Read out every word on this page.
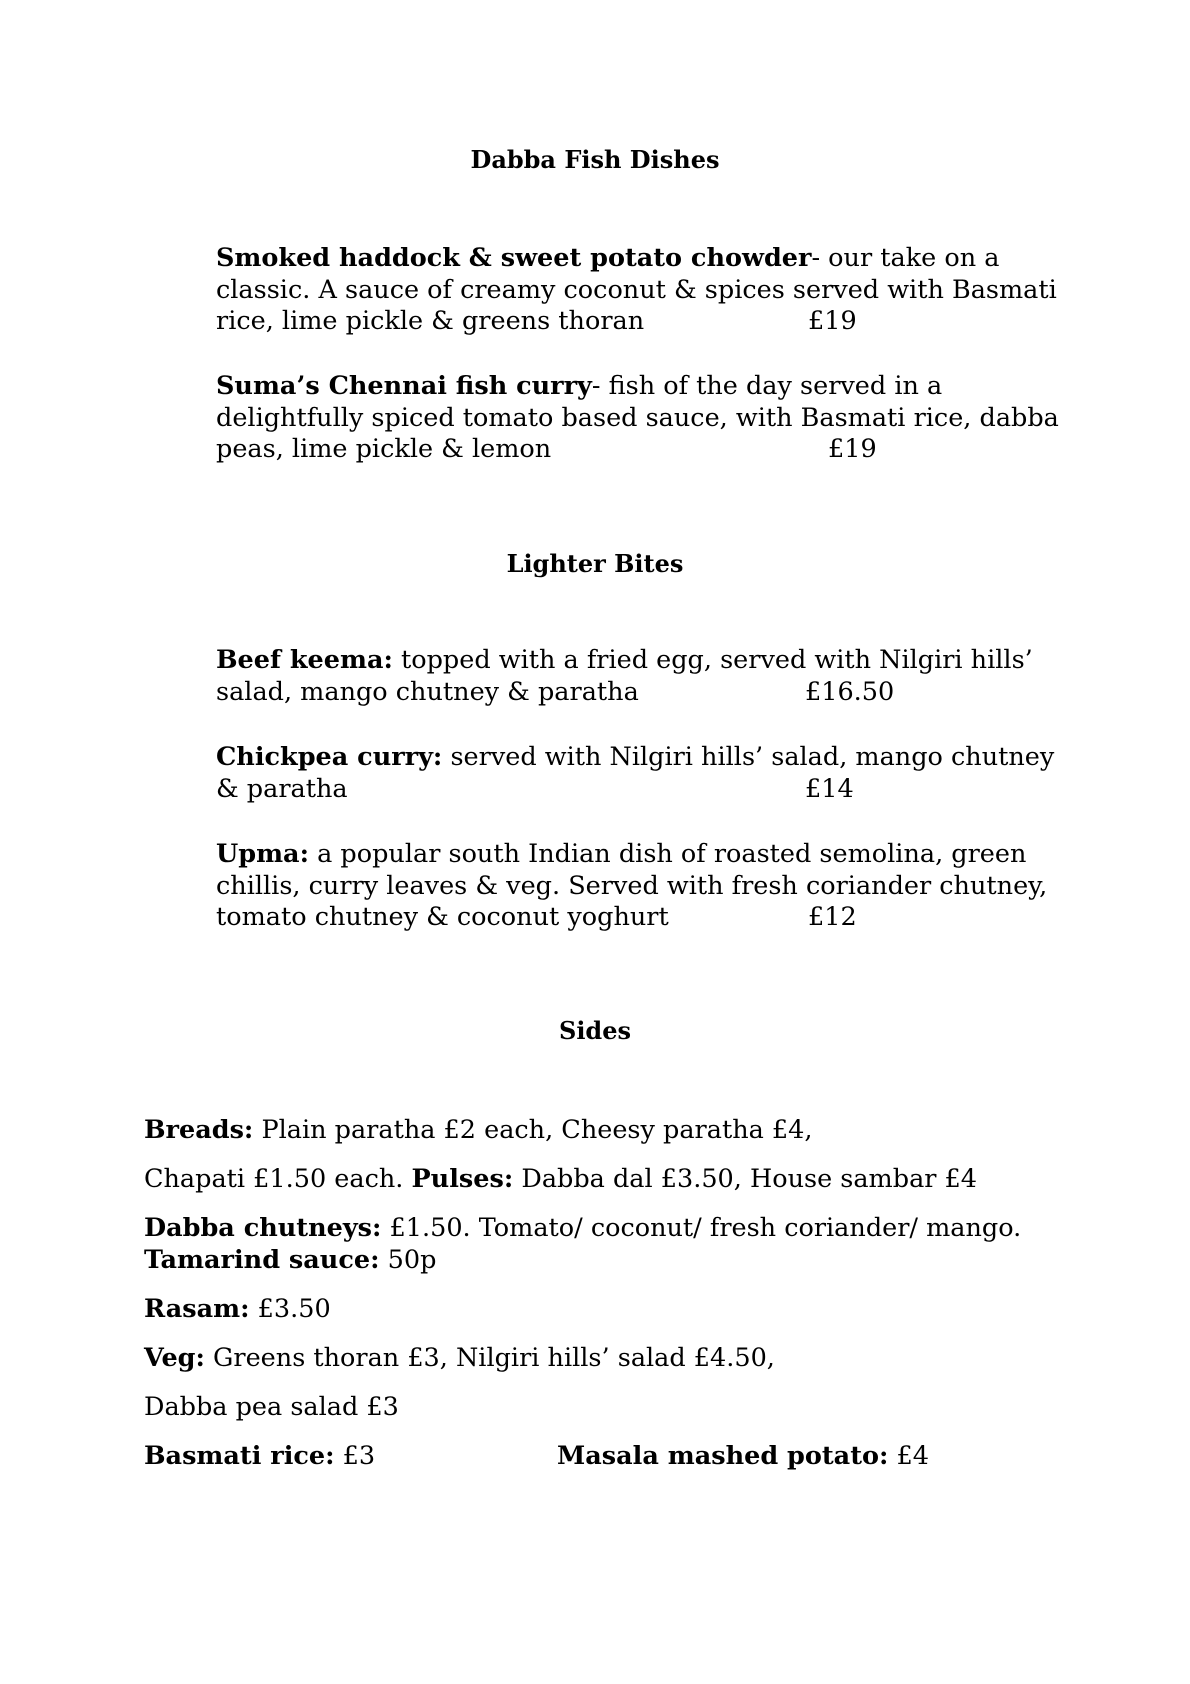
Dabba Fish Dishes
Smoked haddock & sweet potato chowder- our take on a
classic. A sauce of creamy coconut & spices served with Basmati
rice, lime pickle & greens thoran	£19
Suma’s Chennai fish curry- fish of the day served in a
delightfully spiced tomato based sauce, with Basmati rice, dabba
peas, lime pickle & lemon	£19
Lighter Bites
Beef keema: topped with a fried egg, served with Nilgiri hills’
salad, mango chutney & paratha	£16.50
Chickpea curry: served with Nilgiri hills’ salad, mango chutney
& paratha	£14
Upma: a popular south Indian dish of roasted semolina, green
chillis, curry leaves & veg. Served with fresh coriander chutney,
tomato chutney & coconut yoghurt	£12
Sides
Breads: Plain paratha £2 each, Cheesy paratha £4,
Chapati £1.50 each. Pulses: Dabba dal £3.50, House sambar £4
Dabba chutneys: £1.50. Tomato/ coconut/ fresh coriander/ mango.
Tamarind sauce: 50p
Rasam: £3.50
Veg: Greens thoran £3, Nilgiri hills’ salad £4.50,
Dabba pea salad £3
Basmati rice: £3	Masala mashed potato: £4
